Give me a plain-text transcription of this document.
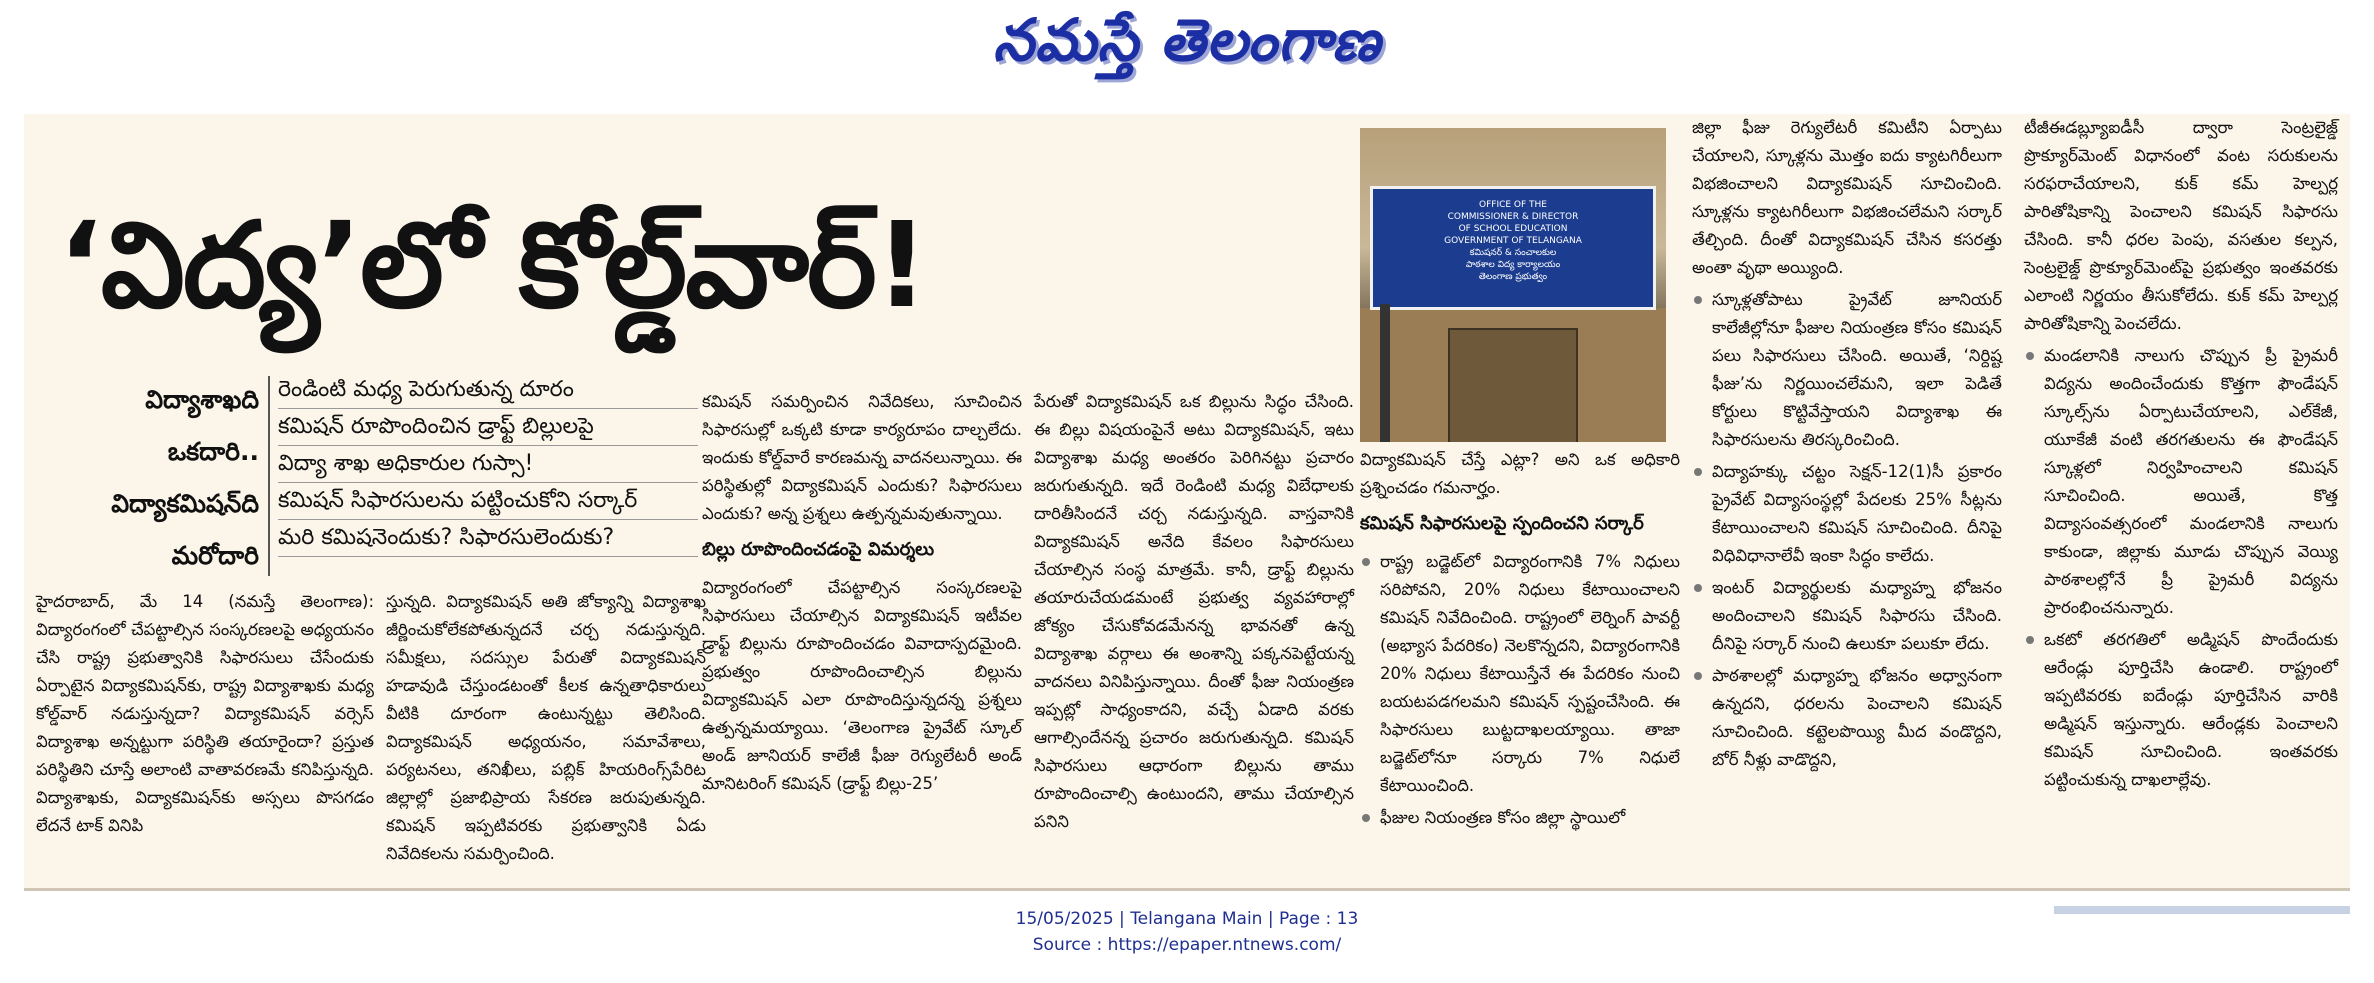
నమస్తే తెలంగాణ
‘విద్య’లో కోల్డ్‌వార్!
విద్యాశాఖది
ఒకదారి..
విద్యాకమిషన్‌ది
మరోదారి
రెండింటి మధ్య పెరుగుతున్న దూరం
కమిషన్ రూపొందించిన డ్రాఫ్ట్ బిల్లులపై
విద్యా శాఖ అధికారుల గుస్సా!
కమిషన్ సిఫారసులను పట్టించుకోని సర్కార్
మరి కమిషనెందుకు? సిఫారసులెందుకు?

హైదరాబాద్, మే 14 (నమస్తే తెలంగాణ): విద్యారంగంలో చేపట్టాల్సిన సంస్కరణలపై అధ్యయనం చేసి రాష్ట్ర ప్రభుత్వానికి సిఫారసులు చేసేందుకు ఏర్పాటైన విద్యాకమిషన్‌కు, రాష్ట్ర విద్యాశాఖకు మధ్య కోల్డ్‌వార్ నడుస్తున్నదా? విద్యాకమిషన్ వర్సెస్ విద్యాశాఖ అన్నట్టుగా పరిస్థితి తయారైందా? ప్రస్తుత పరిస్థితిని చూస్తే అలాంటి వాతావరణమే కనిపిస్తున్నది. విద్యాశాఖకు, విద్యాకమిషన్‌కు అస్సలు పొసగడం లేదనే టాక్ వినిపి

స్తున్నది. విద్యాకమిషన్ అతి జోక్యాన్ని విద్యాశాఖ జీర్ణించుకోలేకపోతున్నదనే చర్చ నడుస్తున్నది. సమీక్షలు, సదస్సుల పేరుతో విద్యాకమిషన్ హడావుడి చేస్తుండటంతో కీలక ఉన్నతాధికారులు వీటికి దూరంగా ఉంటున్నట్టు తెలిసింది. విద్యాకమిషన్ అధ్యయనం, సమావేశాలు, పర్యటనలు, తనిఖీలు, పబ్లిక్ హియరింగ్స్‌పేరిట జిల్లాల్లో ప్రజాభిప్రాయ సేకరణ జరుపుతున్నది. కమిషన్ ఇప్పటివరకు ప్రభుత్వానికి ఏడు నివేదికలను సమర్పించింది.

కమిషన్ సమర్పించిన నివేదికలు, సూచించిన సిఫారసుల్లో ఒక్కటి కూడా కార్యరూపం దాల్చలేదు. ఇందుకు కోల్డ్‌వారే కారణమన్న వాదనలున్నాయి. ఈ పరిస్థితుల్లో విద్యాకమిషన్ ఎందుకు? సిఫారసులు ఎందుకు? అన్న ప్రశ్నలు ఉత్పన్నమవుతున్నాయి.

బిల్లు రూపొందించడంపై విమర్శలు

విద్యారంగంలో చేపట్టాల్సిన సంస్కరణలపై సిఫారసులు చేయాల్సిన విద్యాకమిషన్ ఇటీవల డ్రాఫ్ట్ బిల్లును రూపొందించడం వివాదాస్పదమైంది. ప్రభుత్వం రూపొందించాల్సిన బిల్లును విద్యాకమిషన్ ఎలా రూపొందిస్తున్నదన్న ప్రశ్నలు ఉత్పన్నమయ్యాయి. ‘తెలంగాణ ప్రైవేట్ స్కూల్ అండ్ జూనియర్ కాలేజీ ఫీజు రెగ్యులేటరీ అండ్ మానిటరింగ్ కమిషన్ (డ్రాఫ్ట్ బిల్లు-25’

పేరుతో విద్యాకమిషన్ ఒక బిల్లును సిద్ధం చేసింది. ఈ బిల్లు విషయంపైనే అటు విద్యాకమిషన్, ఇటు విద్యాశాఖ మధ్య అంతరం పెరిగినట్టు ప్రచారం జరుగుతున్నది. ఇదే రెండింటి మధ్య విబేధాలకు దారితీసిందనే చర్చ నడుస్తున్నది. వాస్తవానికి విద్యాకమిషన్ అనేది కేవలం సిఫారసులు చేయాల్సిన సంస్థ మాత్రమే. కానీ, డ్రాఫ్ట్ బిల్లును తయారుచేయడమంటే ప్రభుత్వ వ్యవహారాల్లో జోక్యం చేసుకోవడమేనన్న భావనతో ఉన్న విద్యాశాఖ వర్గాలు ఈ అంశాన్ని పక్కనపెట్టేయన్న వాదనలు వినిపిస్తున్నాయి. దీంతో ఫీజు నియంత్రణ ఇప్పట్లో సాధ్యంకాదని, వచ్చే ఏడాది వరకు ఆగాల్సిందేనన్న ప్రచారం జరుగుతున్నది. కమిషన్ సిఫారసులు ఆధారంగా బిల్లును తాము రూపొందించాల్సి ఉంటుందని, తాము చేయాల్సిన పనిని

OFFICE OF THE
COMMISSIONER & DIRECTOR
OF SCHOOL EDUCATION
GOVERNMENT OF TELANGANA
కమిషనర్ & సంచాలకుల
పాఠశాల విద్య కార్యాలయం
తెలంగాణ ప్రభుత్వం

విద్యాకమిషన్ చేస్తే ఎట్లా? అని ఒక అధికారి ప్రశ్నించడం గమనార్హం.

కమిషన్ సిఫారసులపై స్పందించని సర్కార్

రాష్ట్ర బడ్జెట్‌లో విద్యారంగానికి 7% నిధులు సరిపోవని, 20% నిధులు కేటాయించాలని కమిషన్ నివేదించింది. రాష్ట్రంలో లెర్నింగ్ పావర్టీ (అభ్యాస పేదరికం) నెలకొన్నదని, విద్యారంగానికి 20% నిధులు కేటాయిస్తేనే ఈ పేదరికం నుంచి బయటపడగలమని కమిషన్ స్పష్టంచేసింది. ఈ సిఫారసులు బుట్టదాఖలయ్యాయి. తాజా బడ్జెట్‌లోనూ సర్కారు 7% నిధులే కేటాయించింది.

ఫీజుల నియంత్రణ కోసం జిల్లా స్థాయిలో

జిల్లా ఫీజు రెగ్యులేటరీ కమిటీని ఏర్పాటు చేయాలని, స్కూళ్లను మొత్తం ఐదు క్యాటగిరీలుగా విభజించాలని విద్యాకమిషన్ సూచించింది. స్కూళ్లను క్యాటగిరీలుగా విభజించలేమని సర్కార్ తేల్చింది. దీంతో విద్యాకమిషన్ చేసిన కసరత్తు అంతా వృథా అయ్యింది.

స్కూళ్లతోపాటు ప్రైవేట్ జూనియర్ కాలేజీల్లోనూ ఫీజుల నియంత్రణ కోసం కమిషన్ పలు సిఫారసులు చేసింది. అయితే, ‘నిర్దిష్ట ఫీజు’ను నిర్ణయించలేమని, ఇలా పెడితే కోర్టులు కొట్టివేస్తాయని విద్యాశాఖ ఈ సిఫారసులను తిరస్కరించింది.

విద్యాహక్కు చట్టం సెక్షన్-12(1)సీ ప్రకారం ప్రైవేట్ విద్యాసంస్థల్లో పేదలకు 25% సీట్లను కేటాయించాలని కమిషన్ సూచించింది. దీనిపై విధివిధానాలేవీ ఇంకా సిద్ధం కాలేదు.

ఇంటర్ విద్యార్థులకు మధ్యాహ్న భోజనం అందించాలని కమిషన్ సిఫారసు చేసింది. దీనిపై సర్కార్ నుంచి ఉలుకూ పలుకూ లేదు.

పాఠశాలల్లో మధ్యాహ్న భోజనం అధ్వానంగా ఉన్నదని, ధరలను పెంచాలని కమిషన్ సూచించింది. కట్టెలపొయ్యి మీద వండొద్దని, బోర్ నీళ్లు వాడొద్దని,

టీజీఈడబ్ల్యూఐడీసీ ద్వారా సెంట్రలైజ్డ్ ప్రొక్యూర్‌మెంట్ విధానంలో వంట సరుకులను సరఫరాచేయాలని, కుక్ కమ్ హెల్పర్ల పారితోషికాన్ని పెంచాలని కమిషన్ సిఫారసు చేసింది. కానీ ధరల పెంపు, వసతుల కల్పన, సెంట్రలైజ్డ్ ప్రొక్యూర్‌మెంట్‌పై ప్రభుత్వం ఇంతవరకు ఎలాంటి నిర్ణయం తీసుకోలేదు. కుక్ కమ్ హెల్పర్ల పారితోషికాన్ని పెంచలేదు.

మండలానికి నాలుగు చొప్పున ప్రీ ప్రైమరీ విద్యను అందించేందుకు కొత్తగా ఫౌండేషన్ స్కూల్స్‌ను ఏర్పాటుచేయాలని, ఎల్‌కేజీ, యూకేజీ వంటి తరగతులను ఈ ఫౌండేషన్ స్కూళ్లలో నిర్వహించాలని కమిషన్ సూచించింది. అయితే, కొత్త విద్యాసంవత్సరంలో మండలానికి నాలుగు కాకుండా, జిల్లాకు మూడు చొప్పున వెయ్యి పాఠశాలల్లోనే ప్రీ ప్రైమరీ విద్యను ప్రారంభించనున్నారు.

ఒకటో తరగతిలో అడ్మిషన్ పొందేందుకు ఆరేండ్లు పూర్తిచేసి ఉండాలి. రాష్ట్రంలో ఇప్పటివరకు ఐదేండ్లు పూర్తిచేసిన వారికి అడ్మిషన్ ఇస్తున్నారు. ఆరేండ్లకు పెంచాలని కమిషన్ సూచించింది. ఇంతవరకు పట్టించుకున్న దాఖలాల్లేవు.

15/05/2025 | Telangana Main | Page : 13
Source : https://epaper.ntnews.com/
